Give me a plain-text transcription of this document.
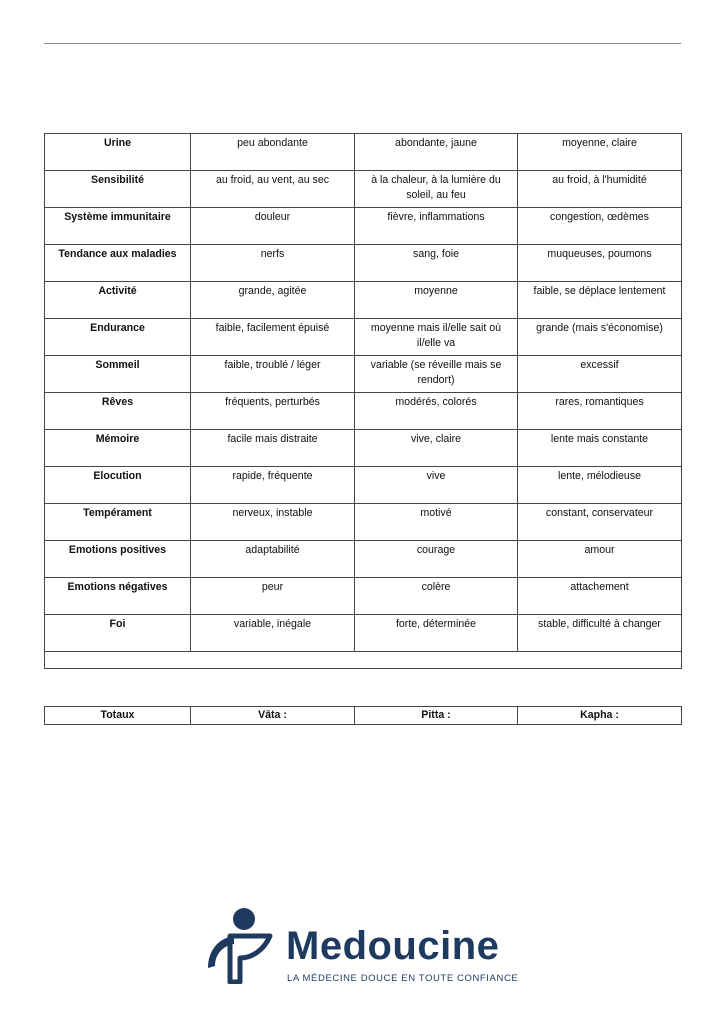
Urine	peu abondante	abondante, jaune	moyenne, claire
Sensibilité	au froid, au vent, au sec	à la chaleur, à la lumière du soleil, au feu	au froid, à l'humidité
Système immunitaire	douleur	fièvre, inflammations	congestion, œdèmes
Tendance aux maladies	nerfs	sang, foie	muqueuses, poumons
Activité	grande, agitée	moyenne	faible, se déplace lentement
Endurance	faible, facilement épuisé	moyenne mais il/elle sait où il/elle va	grande (mais s'économise)
Sommeil	faible, troublé / léger	variable (se réveille mais se rendort)	excessif
Rêves	fréquents, perturbés	modérés, colorés	rares, romantiques
Mémoire	facile mais distraite	vive, claire	lente mais constante
Elocution	rapide, fréquente	vive	lente, mélodieuse
Tempérament	nerveux, instable	motivé	constant, conservateur
Emotions positives	adaptabilité	courage	amour
Emotions négatives	peur	colère	attachement
Foi	variable, inégale	forte, déterminée	stable, difficulté à changer

Totaux	Vāta :	Pitta :	Kapha :
Medoucine
LA MÉDECINE DOUCE EN TOUTE CONFIANCE
